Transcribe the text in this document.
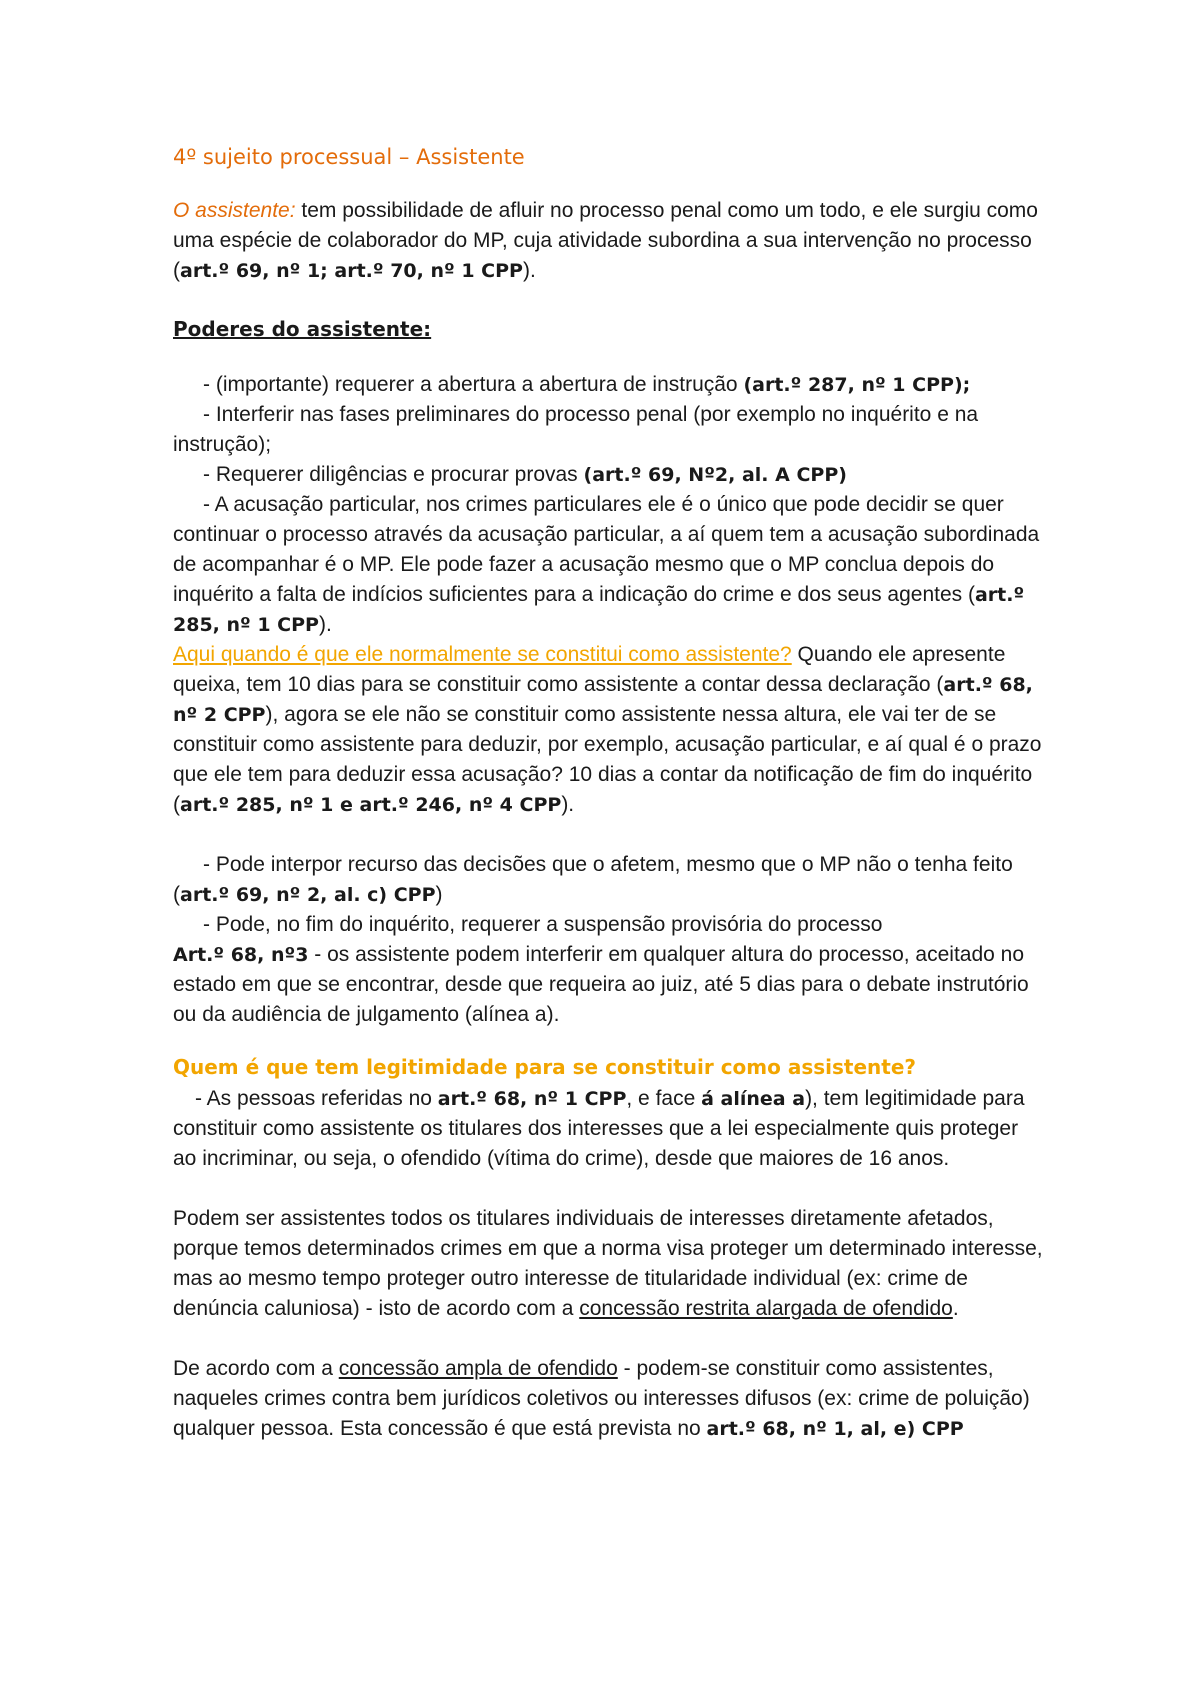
4º sujeito processual – Assistente

O assistente: tem possibilidade de afluir no processo penal como um todo, e ele surgiu como uma espécie de colaborador do MP, cuja atividade subordina a sua intervenção no processo (art.º 69, nº 1; art.º 70, nº 1 CPP).

Poderes do assistente:

- (importante) requerer a abertura a abertura de instrução (art.º 287, nº 1 CPP);

- Interferir nas fases preliminares do processo penal (por exemplo no inquérito e na instrução);

- Requerer diligências e procurar provas (art.º 69, Nº2, al. A CPP)

- A acusação particular, nos crimes particulares ele é o único que pode decidir se quer continuar o processo através da acusação particular, a aí quem tem a acusação subordinada de acompanhar é o MP. Ele pode fazer a acusação mesmo que o MP conclua depois do inquérito a falta de indícios suficientes para a indicação do crime e dos seus agentes (art.º 285, nº 1 CPP).

Aqui quando é que ele normalmente se constitui como assistente? Quando ele apresente queixa, tem 10 dias para se constituir como assistente a contar dessa declaração (art.º 68, nº 2 CPP), agora se ele não se constituir como assistente nessa altura, ele vai ter de se constituir como assistente para deduzir, por exemplo, acusação particular, e aí qual é o prazo que ele tem para deduzir essa acusação? 10 dias a contar da notificação de fim do inquérito (art.º 285, nº 1 e art.º 246, nº 4 CPP).

- Pode interpor recurso das decisões que o afetem, mesmo que o MP não o tenha feito (art.º 69, nº 2, al. c) CPP)

- Pode, no fim do inquérito, requerer a suspensão provisória do processo

Art.º 68, nº3 - os assistente podem interferir em qualquer altura do processo, aceitado no estado em que se encontrar, desde que requeira ao juiz, até 5 dias para o debate instrutório ou da audiência de julgamento (alínea a).

Quem é que tem legitimidade para se constituir como assistente?

- As pessoas referidas no art.º 68, nº 1 CPP, e face á alínea a), tem legitimidade para constituir como assistente os titulares dos interesses que a lei especialmente quis proteger ao incriminar, ou seja, o ofendido (vítima do crime), desde que maiores de 16 anos.

Podem ser assistentes todos os titulares individuais de interesses diretamente afetados, porque temos determinados crimes em que a norma visa proteger um determinado interesse, mas ao mesmo tempo proteger outro interesse de titularidade individual (ex: crime de denúncia caluniosa) - isto de acordo com a concessão restrita alargada de ofendido.

De acordo com a concessão ampla de ofendido - podem-se constituir como assistentes, naqueles crimes contra bem jurídicos coletivos ou interesses difusos (ex: crime de poluição) qualquer pessoa. Esta concessão é que está prevista no art.º 68, nº 1, al, e) CPP
